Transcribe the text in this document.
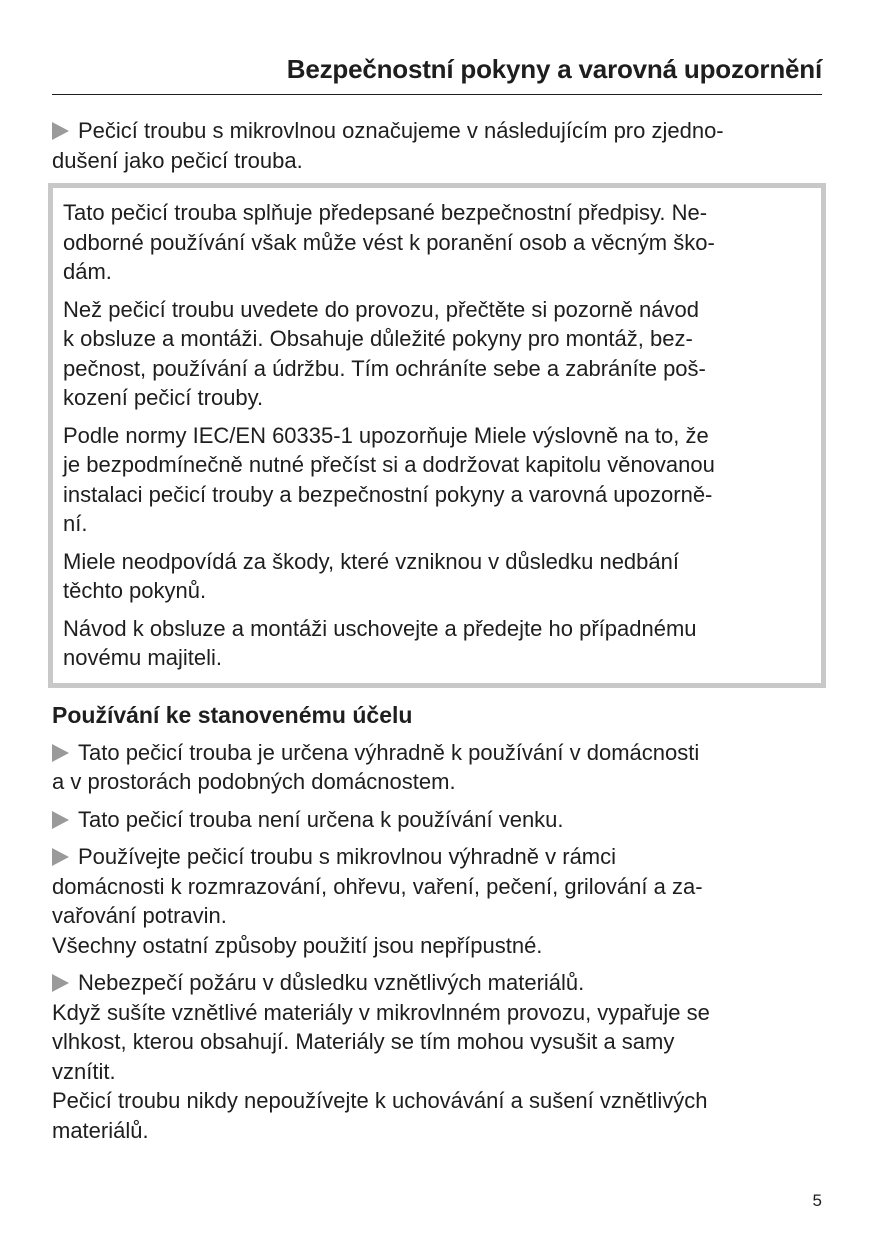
Bezpečnostní pokyny a varovná upozornění

Pečicí troubu s mikrovlnou označujeme v následujícím pro zjedno-
dušení jako pečicí trouba.

Tato pečicí trouba splňuje předepsané bezpečnostní předpisy. Ne-
odborné používání však může vést k poranění osob a věcným ško-
dám.

Než pečicí troubu uvedete do provozu, přečtěte si pozorně návod
k obsluze a montáži. Obsahuje důležité pokyny pro montáž, bez-
pečnost, používání a údržbu. Tím ochráníte sebe a zabráníte poš-
kození pečicí trouby.

Podle normy IEC/EN 60335-1 upozorňuje Miele výslovně na to, že
je bezpodmínečně nutné přečíst si a dodržovat kapitolu věnovanou
instalaci pečicí trouby a bezpečnostní pokyny a varovná upozorně-
ní.

Miele neodpovídá za škody, které vzniknou v důsledku nedbání
těchto pokynů.

Návod k obsluze a montáži uschovejte a předejte ho případnému
novému majiteli.

Používání ke stanovenému účelu

Tato pečicí trouba je určena výhradně k používání v domácnosti
a v prostorách podobných domácnostem.

Tato pečicí trouba není určena k používání venku.

Používejte pečicí troubu s mikrovlnou výhradně v rámci
domácnosti k rozmrazování, ohřevu, vaření, pečení, grilování a za-
vařování potravin.
Všechny ostatní způsoby použití jsou nepřípustné.

Nebezpečí požáru v důsledku vznětlivých materiálů.
Když sušíte vznětlivé materiály v mikrovlnném provozu, vypařuje se
vlhkost, kterou obsahují. Materiály se tím mohou vysušit a samy
vznítit.
Pečicí troubu nikdy nepoužívejte k uchovávání a sušení vznětlivých
materiálů.

5
